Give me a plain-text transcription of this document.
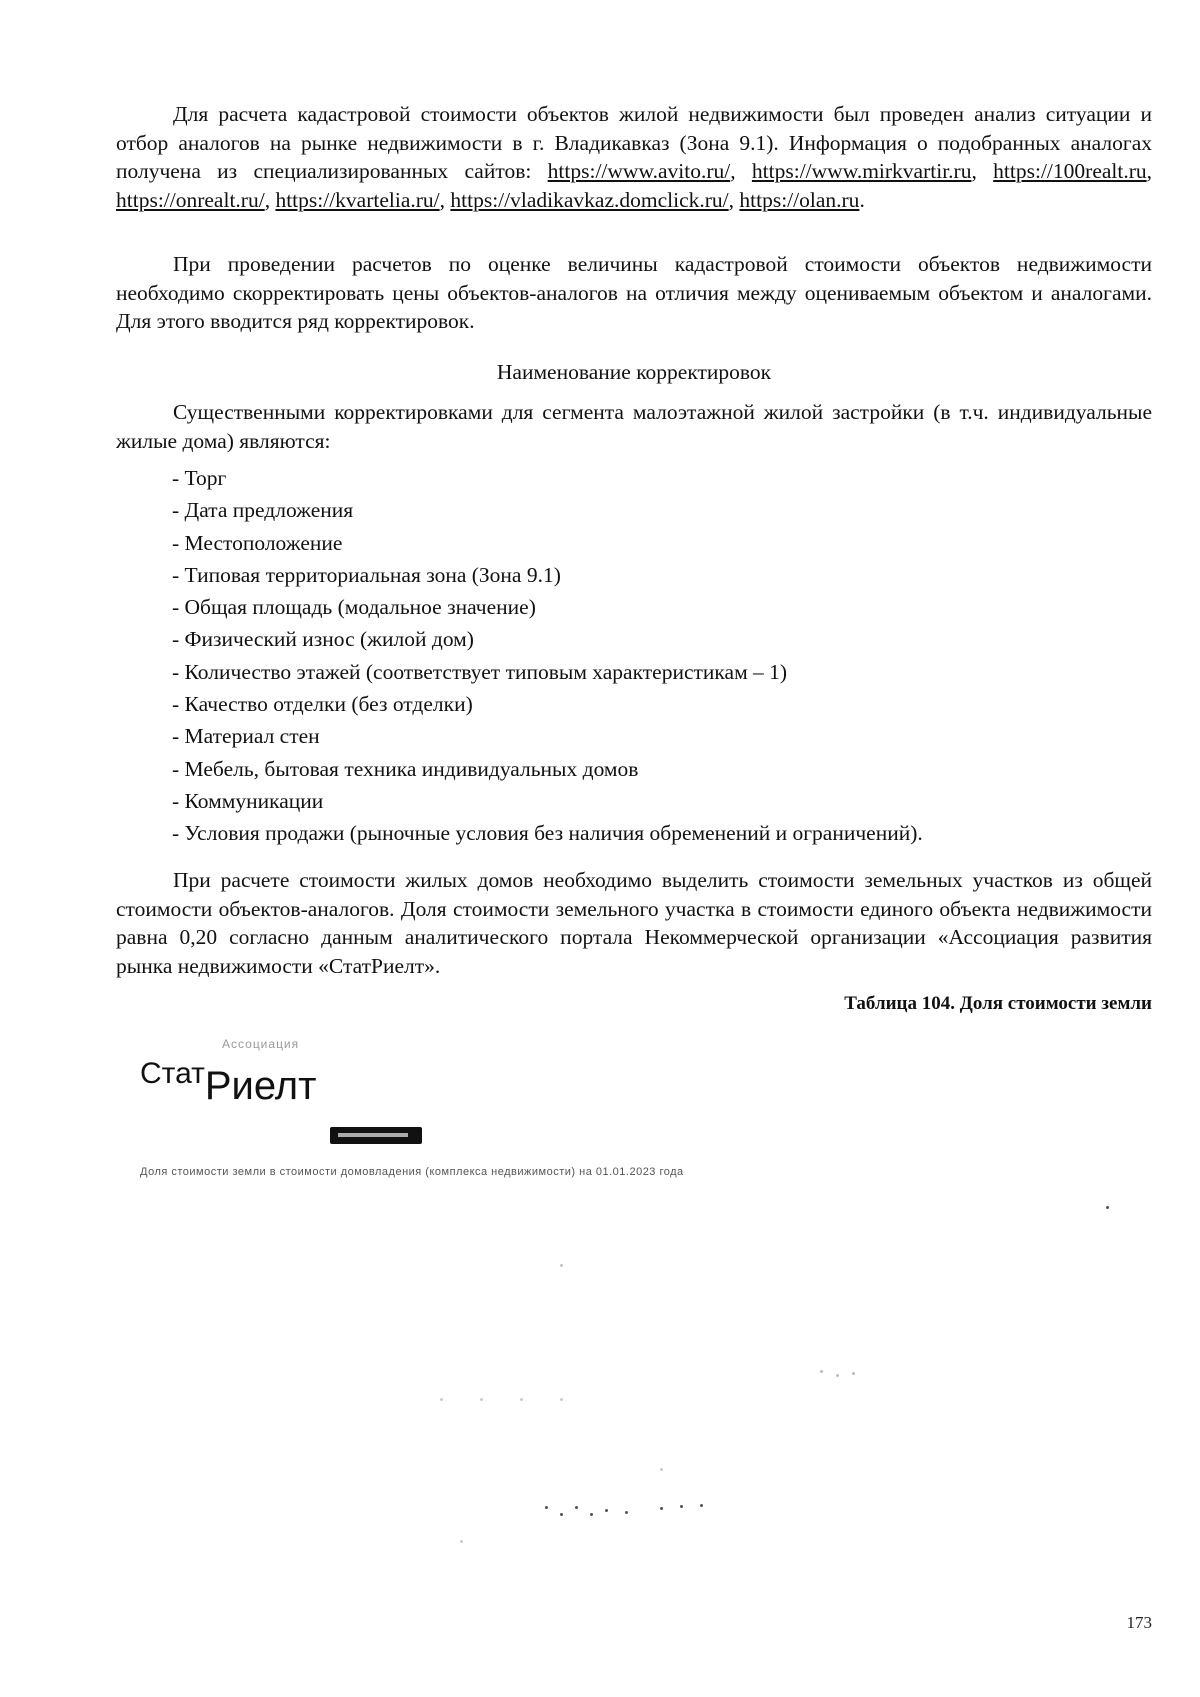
Для расчета кадастровой стоимости объектов жилой недвижимости был проведен анализ ситуации и отбор аналогов на рынке недвижимости в г. Владикавказ (Зона 9.1). Информация о подобранных аналогах получена из специализированных сайтов: https://www.avito.ru/, https://www.mirkvartir.ru, https://100realt.ru, https://onrealt.ru/, https://kvartelia.ru/, https://vladikavkaz.domclick.ru/, https://olan.ru.

При проведении расчетов по оценке величины кадастровой стоимости объектов недвижимости необходимо скорректировать цены объектов-аналогов на отличия между оцениваемым объектом и аналогами. Для этого вводится ряд корректировок.

Наименование корректировок

Существенными корректировками для сегмента малоэтажной жилой застройки (в т.ч. индивидуальные жилые дома) являются:

- Торг
- Дата предложения
- Местоположение
- Типовая территориальная зона (Зона 9.1)
- Общая площадь (модальное значение)
- Физический износ (жилой дом)
- Количество этажей (соответствует типовым характеристикам – 1)
- Качество отделки (без отделки)
- Материал стен
- Мебель, бытовая техника индивидуальных домов
- Коммуникации
- Условия продажи (рыночные условия без наличия обременений и ограничений).

При расчете стоимости жилых домов необходимо выделить стоимости земельных участков из общей стоимости объектов-аналогов. Доля стоимости земельного участка в стоимости единого объекта недвижимости равна 0,20 согласно данным аналитического портала Некоммерческой организации «Ассоциация развития рынка недвижимости «СтатРиелт».

Таблица 104. Доля стоимости земли
Ассоциация
$^{Стат}$Риелт
Доля стоимости земли в стоимости домовладения (комплекса недвижимости) на 01.01.2023 года
173
